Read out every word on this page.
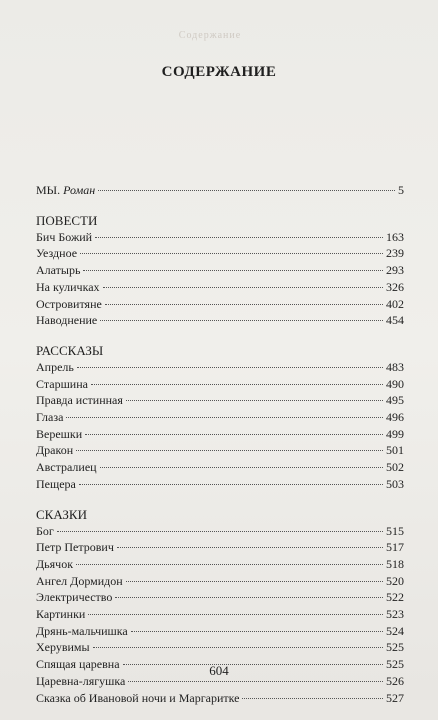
Содержание
СОДЕРЖАНИЕ
МЫ. Роман	5
ПОВЕСТИ
Бич Божий	163
Уездное	239
Алатырь	293
На куличках	326
Островитяне	402
Наводнение	454
РАССКАЗЫ
Апрель	483
Старшина	490
Правда истинная	495
Глаза	496
Верешки	499
Дракон	501
Австралиец	502
Пещера	503
СКАЗКИ
Бог	515
Петр Петрович	517
Дьячок	518
Ангел Дормидон	520
Электричество	522
Картинки	523
Дрянь-мальчишка	524
Херувимы	525
Спящая царевна	525
Царевна-лягушка	526
Сказка об Ивановой ночи и Маргаритке	527
604
